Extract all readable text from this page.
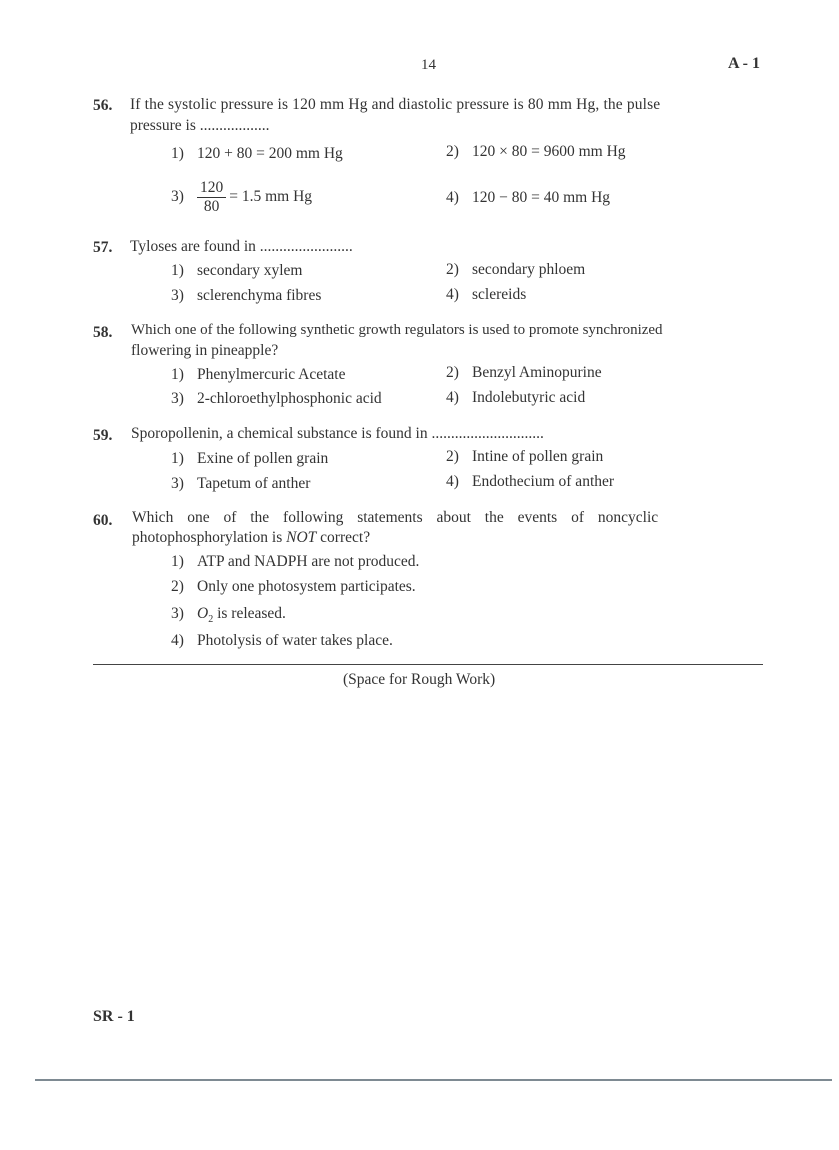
14	A - 1
56. If the systolic pressure is 120 mm Hg and diastolic pressure is 80 mm Hg, the pulse
pressure is ..................
1) 120 + 80 = 200 mm Hg	2) 120 × 80 = 9600 mm Hg
$3) \frac{120}{80} = 1.5$ mm Hg	4) 120 − 80 = 40 mm Hg
57. Tyloses are found in ........................
1) secondary xylem	2) secondary phloem
3) sclerenchyma fibres	4) sclereids
58. Which one of the following synthetic growth regulators is used to promote synchronized
flowering in pineapple?
1) Phenylmercuric Acetate	2) Benzyl Aminopurine
3) 2-chloroethylphosphonic acid	4) Indolebutyric acid
59. Sporopollenin, a chemical substance is found in .............................
1) Exine of pollen grain	2) Intine of pollen grain
3) Tapetum of anther	4) Endothecium of anther
60. Which one of the following statements about the events of noncyclic
photophosphorylation is NOT correct?
1) ATP and NADPH are not produced.
2) Only one photosystem participates.
3) $O_2$ is released.
4) Photolysis of water takes place.
(Space for Rough Work)
SR - 1
